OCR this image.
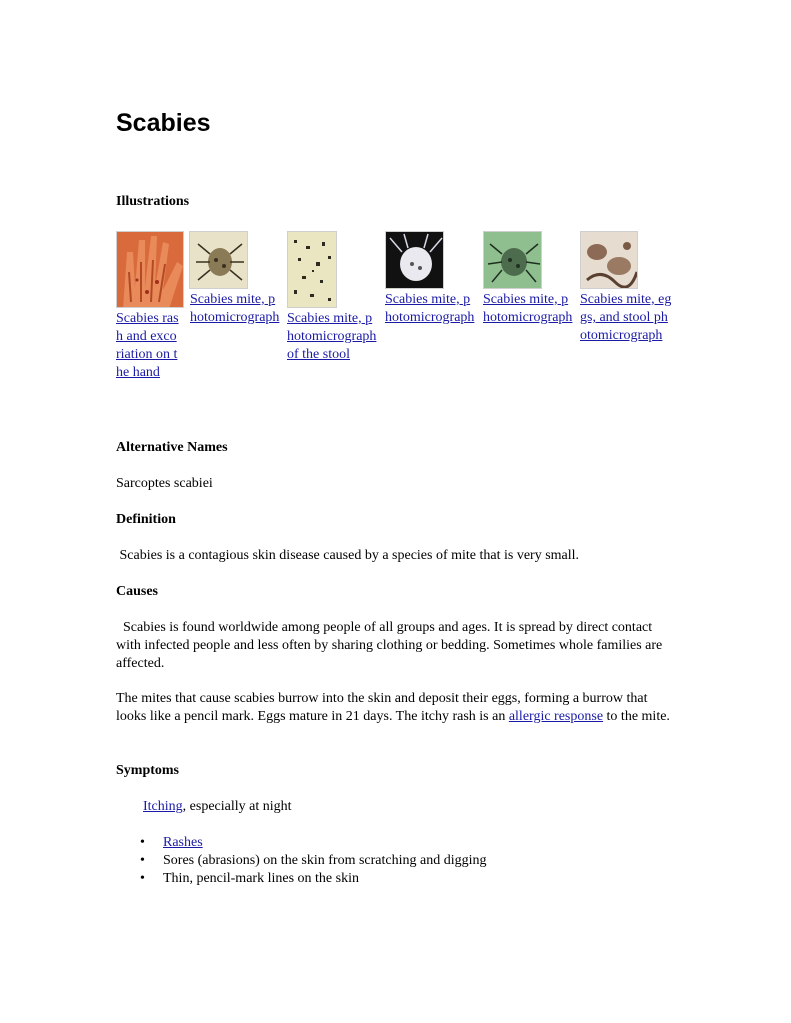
Scabies
Illustrations
Scabies rash and excoriation on the hand
Scabies mite, photomicrograph Scabies mite, photomicrograph of the stool
Scabies mite, photomicrograph
Scabies mite, photomicrograph
Scabies mite, eggs, and stool photomicrograph
Alternative Names
Sarcoptes scabiei
Definition
Scabies is a contagious skin disease caused by a species of mite that is very small.
Causes
Scabies is found worldwide among people of all groups and ages. It is spread by direct contact with infected people and less often by sharing clothing or bedding. Sometimes whole families are affected.
The mites that cause scabies burrow into the skin and deposit their eggs, forming a burrow that looks like a pencil mark. Eggs mature in 21 days. The itchy rash is an allergic response to the mite.
Symptoms
Itching, especially at night
• Rashes
• Sores (abrasions) on the skin from scratching and digging
• Thin, pencil-mark lines on the skin
